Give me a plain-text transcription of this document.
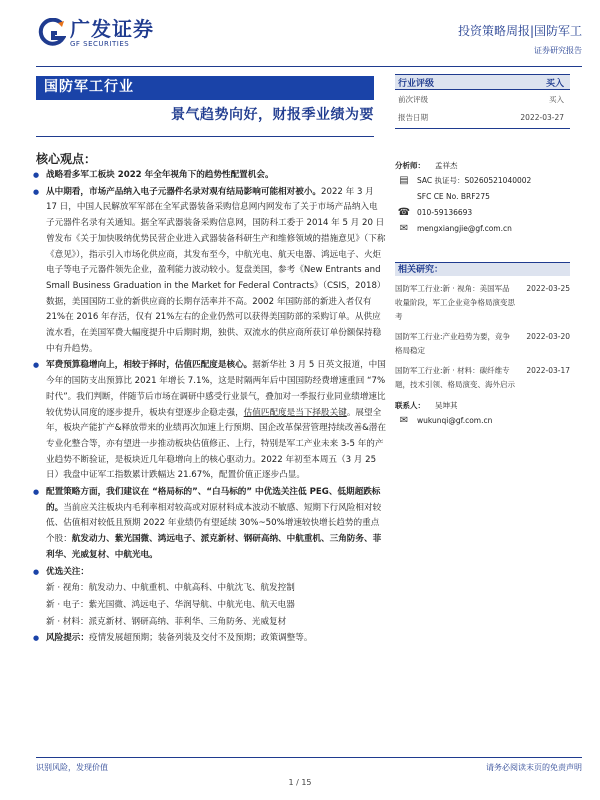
广发证券
GF SECURITIES
投资策略周报|国防军工
证券研究报告
国防军工行业
景气趋势向好，财报季业绩为要
核心观点：

● 战略看多军工板块 2022 年全年视角下的趋势性配置机会。

● 从中期看，市场产品纳入电子元器件名录对观有结局影响可能相对被小。2022 年 3 月 17 日，中国人民解放军军部在全军武器装备采购信息网内网发布了关于市场产品纳入电子元器件名录有关通知。据全军武器装备采购信息网，国防科工委于 2014 年 5 月 20 日曾发布《关于加快吸纳优势民营企业进入武器装备科研生产和维修领域的措施意见》（下称《意见》），指示引入市场化供应商，其发布至今，中航光电、航天电器、鸿远电子、火炬电子等电子元器件领先企业，盈利能力波动较小。复盘美国，参考《New Entrants and Small Business Graduation in the Market for Federal Contracts》（CSIS，2018）数据，美国国防工业的新供应商的长期存活率并不高。2002 年国防部的新进入者仅有 21%在 2016 年存活，仅有 21%左右的企业仍然可以获得美国防部的采购订单。从供应流水看，在美国军费大幅度提升中后期时期，独供、双流水的供应商所获订单份额保持稳中有升趋势。

● 军费预算稳增向上，相较于择时，估值匹配度是核心。据新华社 3 月 5 日英文报道，中国今年的国防支出预算比 2021 年增长 7.1%，这是时隔两年后中国国防经费增速重回 “7%时代”。我们判断，伴随节后市场在调研中感受行业景气，叠加对一季报行业同业绩增速比较优势认同度的逐步提升，板块有望逐步企稳走强，估值匹配度是当下择股关键。展望全年，板块产能扩产&释放带来的业绩再次加速上行预期、国企改革保营管理持续改善&潜在专业化整合等，亦有望进一步推动板块估值修正、上行，特别是军工产业未来 3-5 年的产业趋势不断验证，是板块近几年稳增向上的核心驱动力。2022 年初至本周五（3 月 25 日）我盘中证军工指数累计跌幅达 21.67%，配置价值正逐步凸显。

● 配置策略方面，我们建议在 “格局标的”、“白马标的” 中优选关注低 PEG、低期超跌标的。当前应关注板块内毛利率相对较高或对原材料成本波动不敏感、短期下行风险相对较低、估值相对较低且预期 2022 年业绩仍有望延续 30%~50%增速较快增长趋势的重点个股：航发动力、紫光国微、鸿远电子、派克新材、钢研高纳、中航重机、三角防务、菲利华、光威复材、中航光电。

● 优选关注：

新 · 视角：航发动力、中航重机、中航高科、中航沈飞、航发控制

新 · 电子：紫光国微、鸿远电子、华润导航、中航光电、航天电器

新 · 材料：派克新材、钢研高纳、菲利华、三角防务、光威复材

● 风险提示：疫情发展超预期；装备列装及交付不及预期；政策调整等。

行业评级	买入
前次评级	买入
报告日期	2022-03-27
分析师：	孟祥杰
▤	SAC 执证号：S0260521040002
SFC CE No. BRF275
☎ 010-59136693
✉	mengxiangjie@gf.com.cn
相关研究：
国防军工行业:新 · 视角：美国军品收量阶段，军工企业竞争格局演变思考
2022-03-25
国防军工行业:产业趋势为要，竞争格局稳定
2022-03-20
国防军工行业:新 · 材料：碳纤维专题，技术引领、格局演变、海外启示
2022-03-17
联系人：	吴坤其
✉	wukunqi@gf.com.cn
识别风险，发现价值	请务必阅读末页的免责声明
1 / 15
